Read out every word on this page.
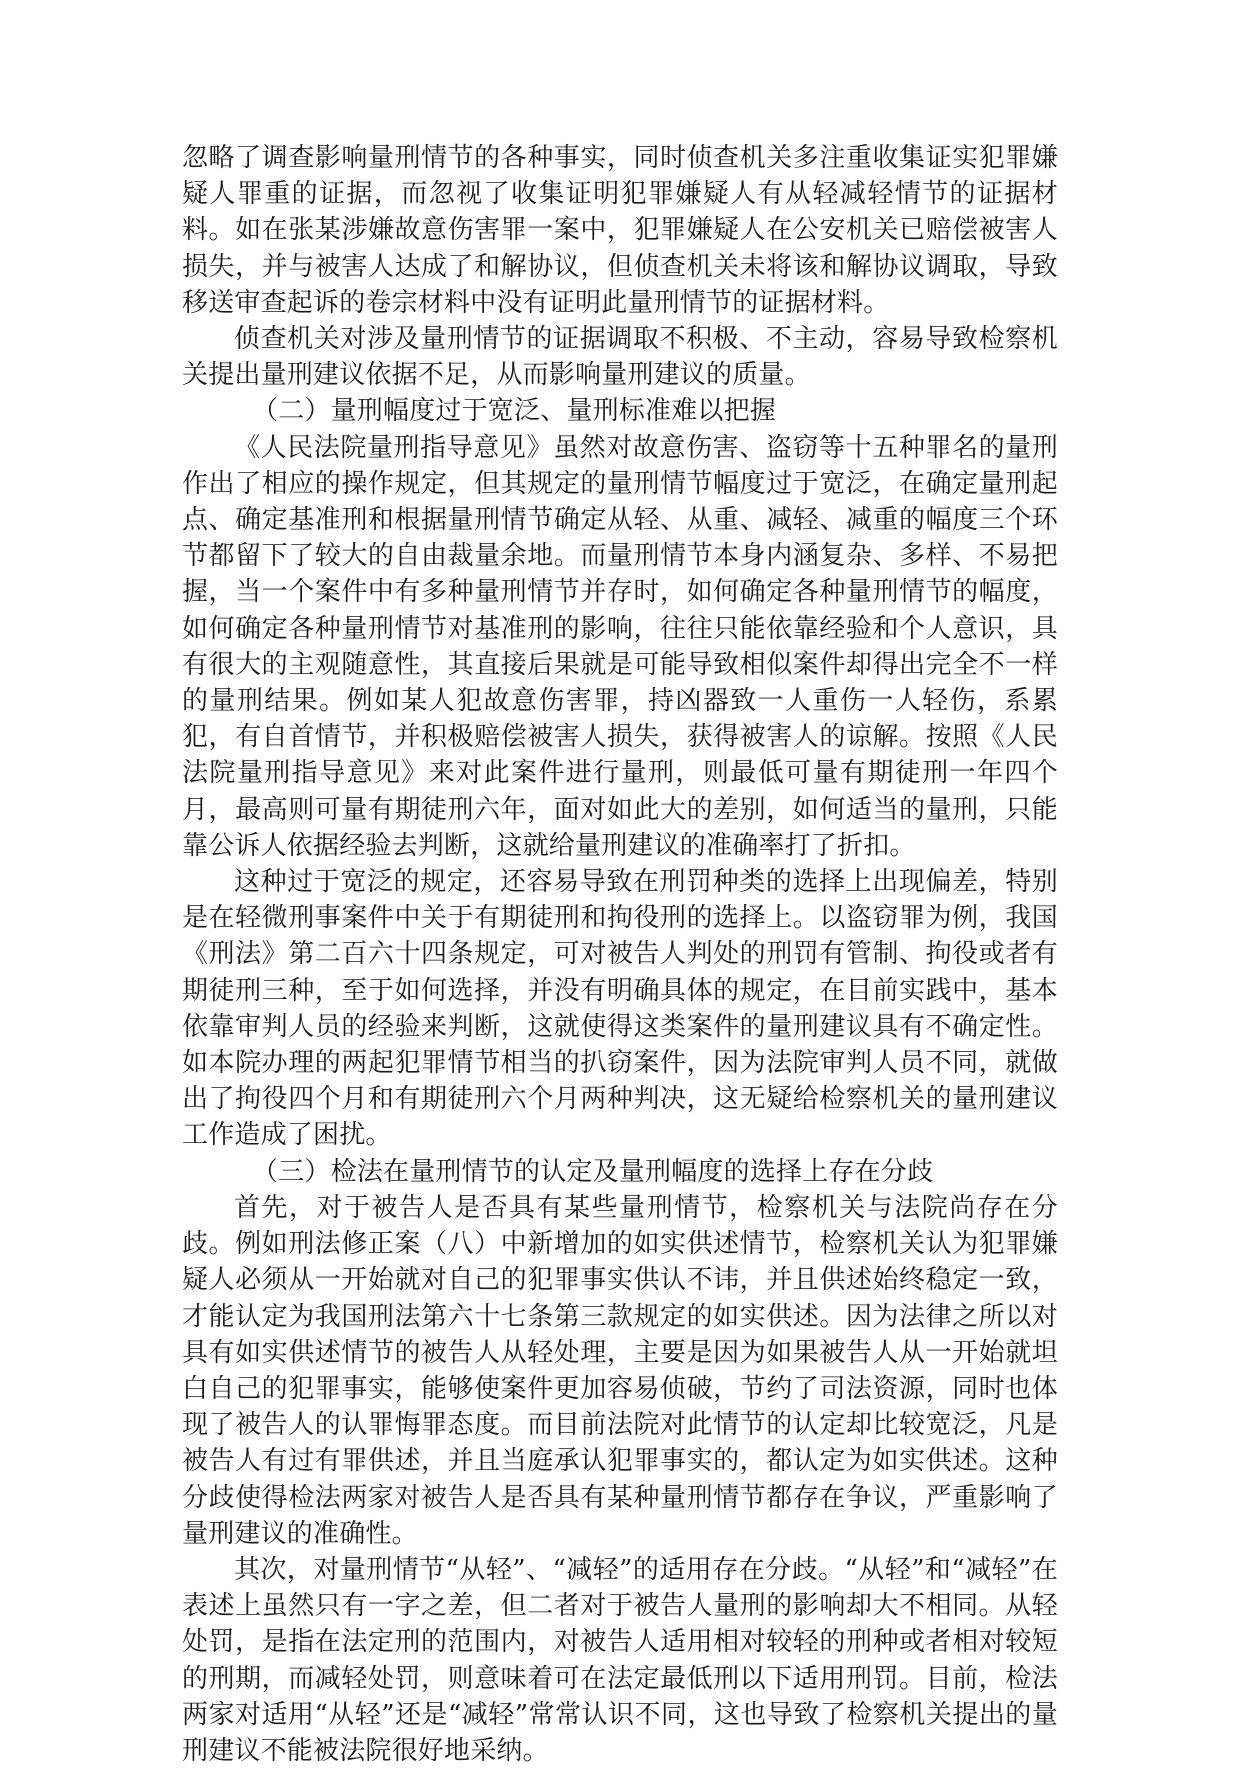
忽略了调查影响量刑情节的各种事实，同时侦查机关多注重收集证实犯罪嫌疑人罪重的证据，而忽视了收集证明犯罪嫌疑人有从轻减轻情节的证据材料。如在张某涉嫌故意伤害罪一案中，犯罪嫌疑人在公安机关已赔偿被害人损失，并与被害人达成了和解协议，但侦查机关未将该和解协议调取，导致移送审查起诉的卷宗材料中没有证明此量刑情节的证据材料。

侦查机关对涉及量刑情节的证据调取不积极、不主动，容易导致检察机关提出量刑建议依据不足，从而影响量刑建议的质量。

（二）量刑幅度过于宽泛、量刑标准难以把握

《人民法院量刑指导意见》虽然对故意伤害、盗窃等十五种罪名的量刑作出了相应的操作规定，但其规定的量刑情节幅度过于宽泛，在确定量刑起点、确定基准刑和根据量刑情节确定从轻、从重、减轻、减重的幅度三个环节都留下了较大的自由裁量余地。而量刑情节本身内涵复杂、多样、不易把握，当一个案件中有多种量刑情节并存时，如何确定各种量刑情节的幅度，如何确定各种量刑情节对基准刑的影响，往往只能依靠经验和个人意识，具有很大的主观随意性，其直接后果就是可能导致相似案件却得出完全不一样的量刑结果。例如某人犯故意伤害罪，持凶器致一人重伤一人轻伤，系累犯，有自首情节，并积极赔偿被害人损失，获得被害人的谅解。按照《人民法院量刑指导意见》来对此案件进行量刑，则最低可量有期徒刑一年四个月，最高则可量有期徒刑六年，面对如此大的差别，如何适当的量刑，只能靠公诉人依据经验去判断，这就给量刑建议的准确率打了折扣。

这种过于宽泛的规定，还容易导致在刑罚种类的选择上出现偏差，特别是在轻微刑事案件中关于有期徒刑和拘役刑的选择上。以盗窃罪为例，我国《刑法》第二百六十四条规定，可对被告人判处的刑罚有管制、拘役或者有期徒刑三种，至于如何选择，并没有明确具体的规定，在目前实践中，基本依靠审判人员的经验来判断，这就使得这类案件的量刑建议具有不确定性。如本院办理的两起犯罪情节相当的扒窃案件，因为法院审判人员不同，就做出了拘役四个月和有期徒刑六个月两种判决，这无疑给检察机关的量刑建议工作造成了困扰。

（三）检法在量刑情节的认定及量刑幅度的选择上存在分歧

首先，对于被告人是否具有某些量刑情节，检察机关与法院尚存在分歧。例如刑法修正案（八）中新增加的如实供述情节，检察机关认为犯罪嫌疑人必须从一开始就对自己的犯罪事实供认不讳，并且供述始终稳定一致，才能认定为我国刑法第六十七条第三款规定的如实供述。因为法律之所以对具有如实供述情节的被告人从轻处理，主要是因为如果被告人从一开始就坦白自己的犯罪事实，能够使案件更加容易侦破，节约了司法资源，同时也体现了被告人的认罪悔罪态度。而目前法院对此情节的认定却比较宽泛，凡是被告人有过有罪供述，并且当庭承认犯罪事实的，都认定为如实供述。这种分歧使得检法两家对被告人是否具有某种量刑情节都存在争议，严重影响了量刑建议的准确性。

其次，对量刑情节“从轻”、“减轻”的适用存在分歧。“从轻”和“减轻”在表述上虽然只有一字之差，但二者对于被告人量刑的影响却大不相同。从轻处罚，是指在法定刑的范围内，对被告人适用相对较轻的刑种或者相对较短的刑期，而减轻处罚，则意味着可在法定最低刑以下适用刑罚。目前，检法两家对适用“从轻”还是“减轻”常常认识不同，这也导致了检察机关提出的量刑建议不能被法院很好地采纳。
